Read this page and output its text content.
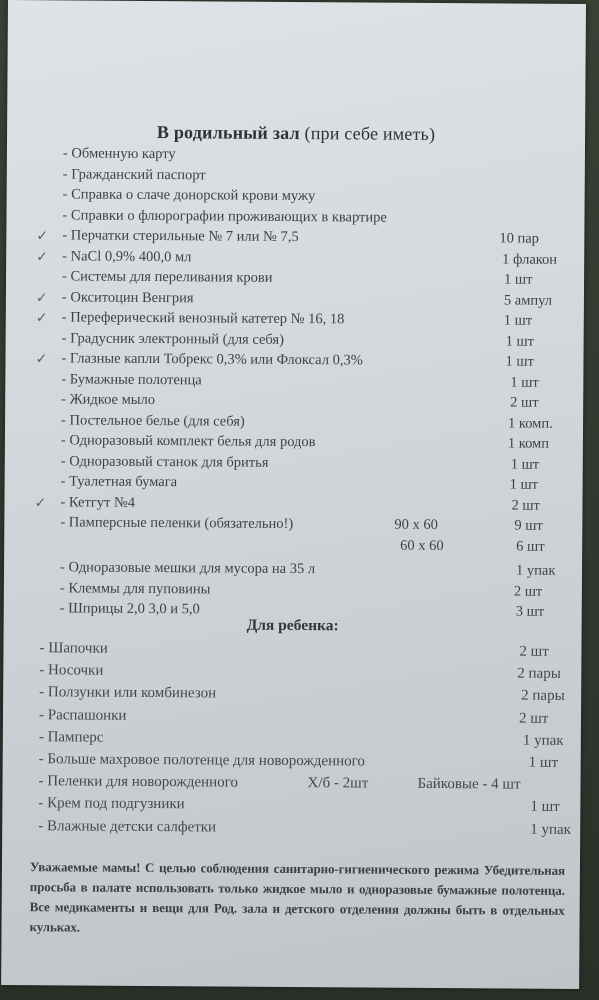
В родильный зал (при себе иметь)
- Обменную карту
- Гражданский паспорт
- Справка о слаче донорской крови мужу
- Справки о флюрографии проживающих в квартире
✓ - Перчатки стерильные № 7 или № 7,5	10 пар
✓ - NaCl 0,9% 400,0 мл	1 флакон
- Системы для переливания крови	1 шт
✓ - Окситоцин Венгрия	5 ампул
✓ - Переферический венозный катетер № 16, 18	1 шт
- Градусник электронный (для себя)	1 шт
✓ - Глазные капли Тобрекс 0,3% или Флоксал 0,3%	1 шт
- Бумажные полотенца	1 шт
- Жидкое мыло	2 шт
- Постельное белье (для себя)	1 комп.
- Одноразовый комплект белья для родов	1 комп
- Одноразовый станок для бритья	1 шт
- Туалетная бумага	1 шт
✓ - Кетгут №4	2 шт
- Памперсные пеленки (обязательно!)	90 х 60	9 шт
60 х 60	6 шт
- Одноразовые мешки для мусора на 35 л	1 упак
- Клеммы для пуповины	2 шт
- Шприцы 2,0 3,0 и 5,0	3 шт
Для ребенка:
- Шапочки	2 шт
- Носочки	2 пары
- Ползунки или комбинезон	2 пары
- Распашонки	2 шт
- Памперс	1 упак
- Больше махровое полотенце для новорожденного	1 шт
- Пеленки для новорожденного	Х/б - 2шт	Байковые - 4 шт
- Крем под подгузники	1 шт
- Влажные детски салфетки	1 упак
Уважаемые мамы! С целью соблюдения санитарно-гигиенического режима Убедительная просьба в палате использовать только жидкое мыло и одноразовые бумажные полотенца. Все медикаменты и вещи для Род. зала и детского отделения должны быть в отдельных кульках.
